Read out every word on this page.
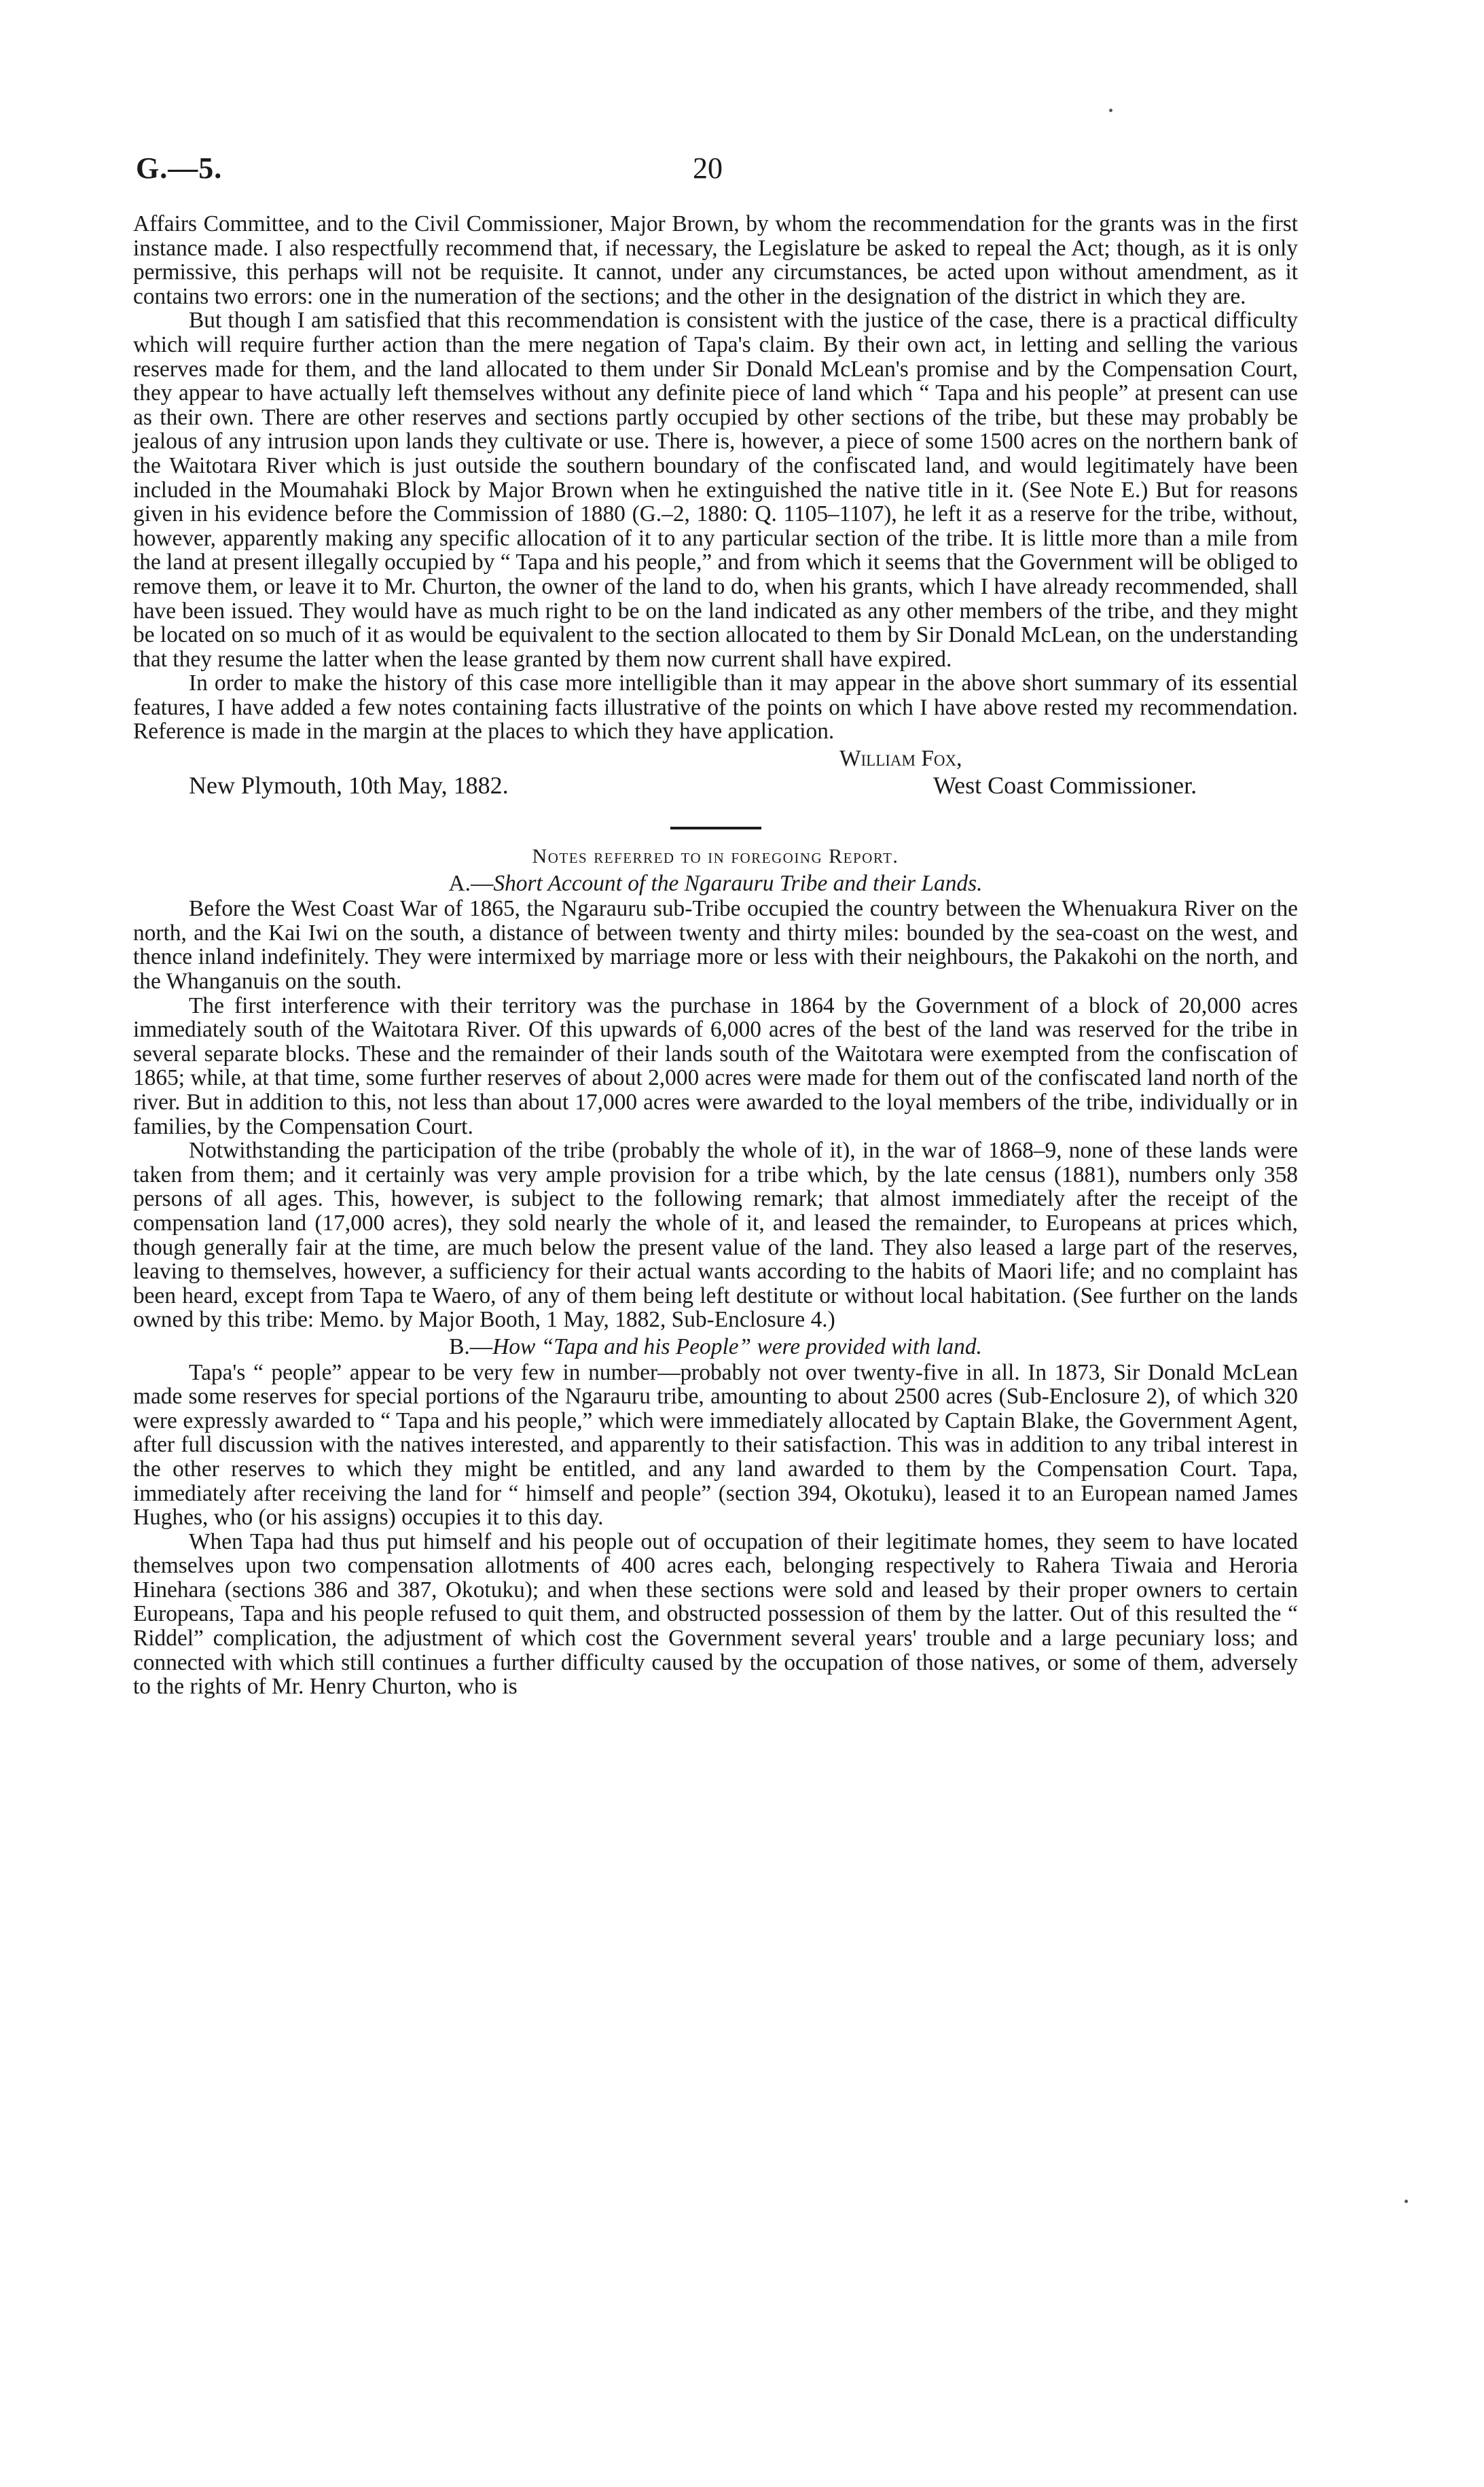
G.—5.	20

Affairs Committee, and to the Civil Commissioner, Major Brown, by whom the recommendation for the grants was in the first instance made. I also respectfully recommend that, if necessary, the Legislature be asked to repeal the Act; though, as it is only permissive, this perhaps will not be requisite. It cannot, under any circumstances, be acted upon without amendment, as it contains two errors: one in the numeration of the sections; and the other in the designation of the district in which they are.

But though I am satisfied that this recommendation is consistent with the justice of the case, there is a practical difficulty which will require further action than the mere negation of Tapa's claim. By their own act, in letting and selling the various reserves made for them, and the land allocated to them under Sir Donald McLean's promise and by the Compensation Court, they appear to have actually left themselves without any definite piece of land which “ Tapa and his people” at present can use as their own. There are other reserves and sections partly occupied by other sections of the tribe, but these may probably be jealous of any intrusion upon lands they cultivate or use. There is, however, a piece of some 1500 acres on the northern bank of the Waitotara River which is just outside the southern boundary of the confiscated land, and would legitimately have been included in the Moumahaki Block by Major Brown when he extinguished the native title in it. (See Note E.) But for reasons given in his evidence before the Commission of 1880 (G.–2, 1880: Q. 1105–1107), he left it as a reserve for the tribe, without, however, apparently making any specific allocation of it to any particular section of the tribe. It is little more than a mile from the land at present illegally occupied by “ Tapa and his people,” and from which it seems that the Government will be obliged to remove them, or leave it to Mr. Churton, the owner of the land to do, when his grants, which I have already recommended, shall have been issued. They would have as much right to be on the land indicated as any other members of the tribe, and they might be located on so much of it as would be equivalent to the section allocated to them by Sir Donald McLean, on the understanding that they resume the latter when the lease granted by them now current shall have expired.

In order to make the history of this case more intelligible than it may appear in the above short summary of its essential features, I have added a few notes containing facts illustrative of the points on which I have above rested my recommendation. Reference is made in the margin at the places to which they have application.

William Fox,
New Plymouth, 10th May, 1882.	West Coast Commissioner.
Notes referred to in foregoing Report.
A.—Short Account of the Ngarauru Tribe and their Lands.

Before the West Coast War of 1865, the Ngarauru sub-Tribe occupied the country between the Whenuakura River on the north, and the Kai Iwi on the south, a distance of between twenty and thirty miles: bounded by the sea-coast on the west, and thence inland indefinitely. They were intermixed by marriage more or less with their neighbours, the Pakakohi on the north, and the Whanganuis on the south.

The first interference with their territory was the purchase in 1864 by the Government of a block of 20,000 acres immediately south of the Waitotara River. Of this upwards of 6,000 acres of the best of the land was reserved for the tribe in several separate blocks. These and the remainder of their lands south of the Waitotara were exempted from the confiscation of 1865; while, at that time, some further reserves of about 2,000 acres were made for them out of the confiscated land north of the river. But in addition to this, not less than about 17,000 acres were awarded to the loyal members of the tribe, individually or in families, by the Compensation Court.

Notwithstanding the participation of the tribe (probably the whole of it), in the war of 1868–9, none of these lands were taken from them; and it certainly was very ample provision for a tribe which, by the late census (1881), numbers only 358 persons of all ages. This, however, is subject to the following remark; that almost immediately after the receipt of the compensation land (17,000 acres), they sold nearly the whole of it, and leased the remainder, to Europeans at prices which, though generally fair at the time, are much below the present value of the land. They also leased a large part of the reserves, leaving to themselves, however, a sufficiency for their actual wants according to the habits of Maori life; and no complaint has been heard, except from Tapa te Waero, of any of them being left destitute or without local habitation. (See further on the lands owned by this tribe: Memo. by Major Booth, 1 May, 1882, Sub-Enclosure 4.)

B.—How “Tapa and his People” were provided with land.

Tapa's “ people” appear to be very few in number—probably not over twenty-five in all. In 1873, Sir Donald McLean made some reserves for special portions of the Ngarauru tribe, amounting to about 2500 acres (Sub-Enclosure 2), of which 320 were expressly awarded to “ Tapa and his people,” which were immediately allocated by Captain Blake, the Government Agent, after full discussion with the natives interested, and apparently to their satisfaction. This was in addition to any tribal interest in the other reserves to which they might be entitled, and any land awarded to them by the Compensation Court. Tapa, immediately after receiving the land for “ himself and people” (section 394, Okotuku), leased it to an European named James Hughes, who (or his assigns) occupies it to this day.

When Tapa had thus put himself and his people out of occupation of their legitimate homes, they seem to have located themselves upon two compensation allotments of 400 acres each, belonging respectively to Rahera Tiwaia and Heroria Hinehara (sections 386 and 387, Okotuku); and when these sections were sold and leased by their proper owners to certain Europeans, Tapa and his people refused to quit them, and obstructed possession of them by the latter. Out of this resulted the “ Riddel” complication, the adjustment of which cost the Government several years' trouble and a large pecuniary loss; and connected with which still continues a further difficulty caused by the occupation of those natives, or some of them, adversely to the rights of Mr. Henry Churton, who is
